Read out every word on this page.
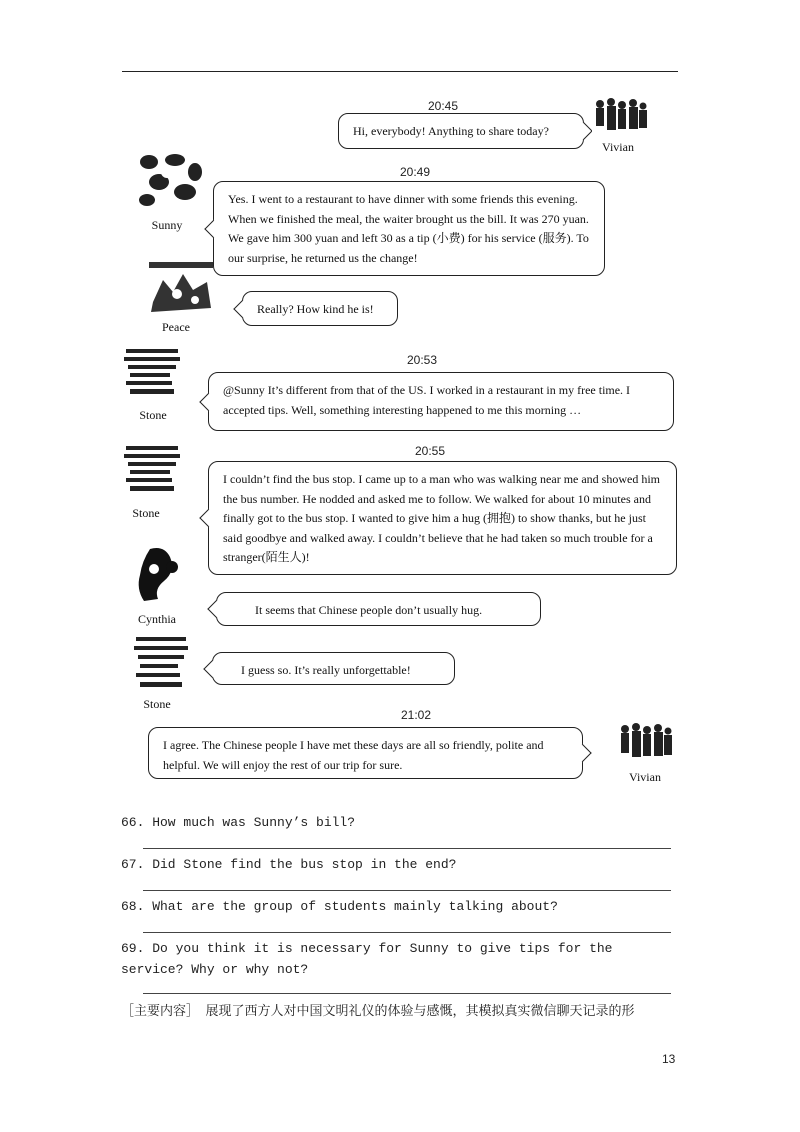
20:45
Hi, everybody! Anything to share today?
Vivian
20:49
Sunny
Yes. I went to a restaurant to have dinner with some friends this evening. When we finished the meal, the waiter brought us the bill. It was 270 yuan. We gave him 300 yuan and left 30 as a tip (小费) for his service (服务). To our surprise, he returned us the change!
Peace
Really? How kind he is!
20:53
Stone
@Sunny It’s different from that of the US. I worked in a restaurant in my free time. I accepted tips. Well, something interesting happened to me this morning …
20:55
Stone
I couldn’t find the bus stop. I came up to a man who was walking near me and showed him the bus number. He nodded and asked me to follow. We walked for about 10 minutes and finally got to the bus stop. I wanted to give him a hug (拥抱) to show thanks, but he just said goodbye and walked away. I couldn’t believe that he had taken so much trouble for a stranger(陌生人)!
Cynthia
It seems that Chinese people don’t usually hug.
Stone
I guess so. It’s really unforgettable!
21:02
I agree. The Chinese people I have met these days are all so friendly, polite and helpful. We will enjoy the rest of our trip for sure.
Vivian
66. How much was Sunny’s bill?
67. Did Stone find the bus stop in the end?
68. What are the group of students mainly talking about?
69. Do you think it is necessary for Sunny to give tips for the service? Why or why not?
［主要内容］　展现了西方人对中国文明礼仪的体验与感慨，其模拟真实微信聊天记录的形
13
